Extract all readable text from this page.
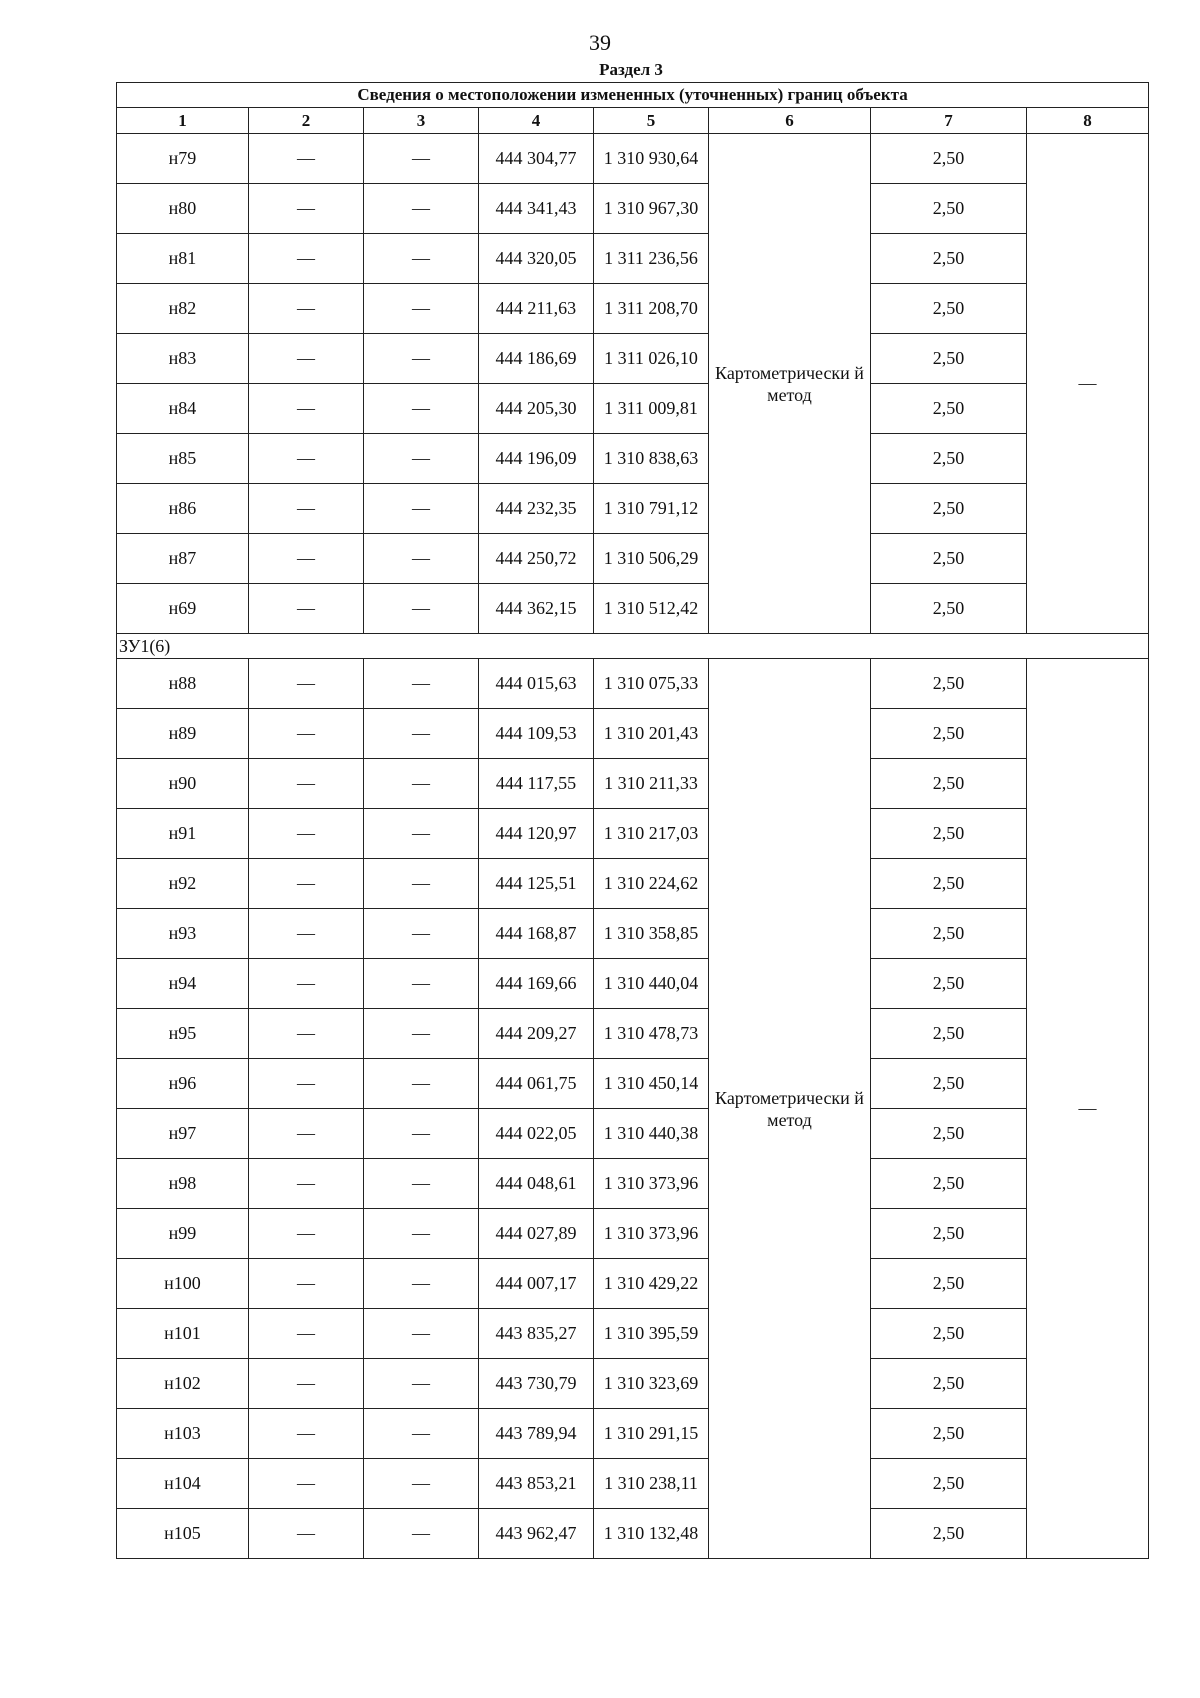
39
Раздел 3
Сведения о местоположении измененных (уточненных) границ объекта							
1	2	3	4	5	6	7	8
н79	—	—	444 304,77	1 310 930,64	Картометрически й метод	2,50	—
н80	—	—	444 341,43	1 310 967,30		2,50	
н81	—	—	444 320,05	1 311 236,56		2,50	
н82	—	—	444 211,63	1 311 208,70		2,50	
н83	—	—	444 186,69	1 311 026,10		2,50	
н84	—	—	444 205,30	1 311 009,81		2,50	
н85	—	—	444 196,09	1 310 838,63		2,50	
н86	—	—	444 232,35	1 310 791,12		2,50	
н87	—	—	444 250,72	1 310 506,29		2,50	
н69	—	—	444 362,15	1 310 512,42		2,50	
ЗУ1(6)							
н88	—	—	444 015,63	1 310 075,33	Картометрически й метод	2,50	—
н89	—	—	444 109,53	1 310 201,43		2,50	
н90	—	—	444 117,55	1 310 211,33		2,50	
н91	—	—	444 120,97	1 310 217,03		2,50	
н92	—	—	444 125,51	1 310 224,62		2,50	
н93	—	—	444 168,87	1 310 358,85		2,50	
н94	—	—	444 169,66	1 310 440,04		2,50	
н95	—	—	444 209,27	1 310 478,73		2,50	
н96	—	—	444 061,75	1 310 450,14		2,50	
н97	—	—	444 022,05	1 310 440,38		2,50	
н98	—	—	444 048,61	1 310 373,96		2,50	
н99	—	—	444 027,89	1 310 373,96		2,50	
н100	—	—	444 007,17	1 310 429,22		2,50	
н101	—	—	443 835,27	1 310 395,59		2,50	
н102	—	—	443 730,79	1 310 323,69		2,50	
н103	—	—	443 789,94	1 310 291,15		2,50	
н104	—	—	443 853,21	1 310 238,11		2,50	
н105	—	—	443 962,47	1 310 132,48		2,50	
